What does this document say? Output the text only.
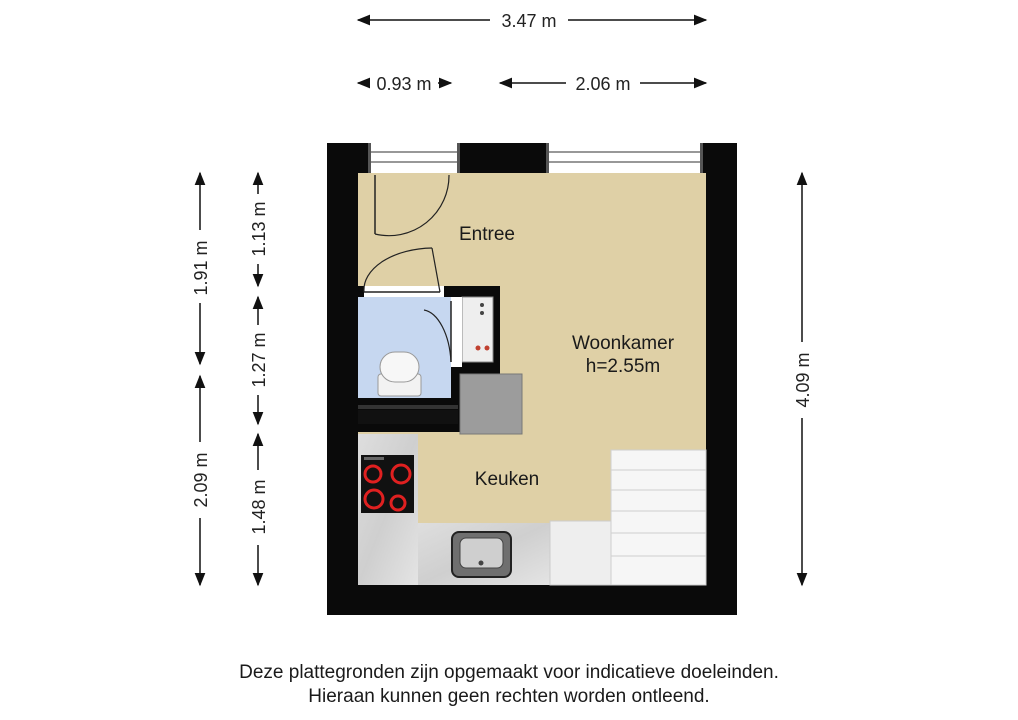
Entree
Woonkamer
h=2.55m
Keuken
3.47 m
0.93 m	2.06 m
1.91 m
2.09 m
1.13 m
1.27 m
1.48 m
4.09 m
Deze plattegronden zijn opgemaakt voor indicatieve doeleinden.
Hieraan kunnen geen rechten worden ontleend.
